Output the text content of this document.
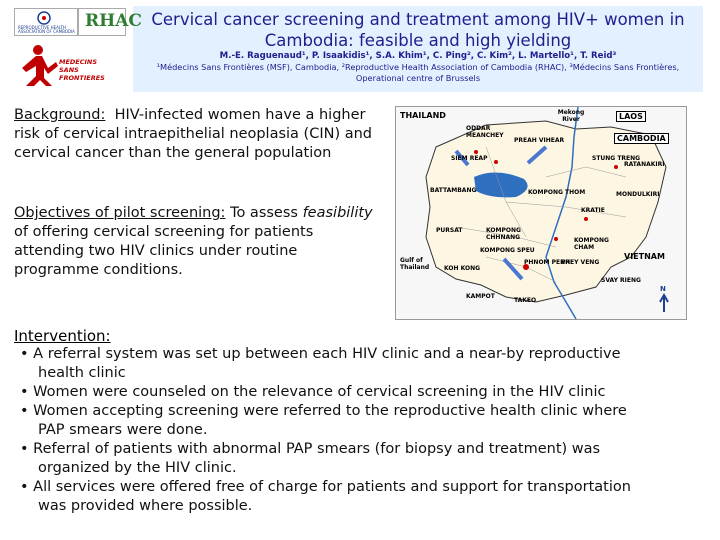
Cervical cancer screening and treatment among HIV+ women in Cambodia: feasible and high yielding
M.-E. Raguenaud¹, P. Isaakidis¹, S.A. Khim¹, C. Ping², C. Kim², L. Martello¹, T. Reid³
¹Médecins Sans Frontières (MSF), Cambodia, ²Reproductive Health Association of Cambodia (RHAC), ³Médecins Sans Frontières, Operational centre of Brussels
REPRODUCTIVE HEALTH
ASSOCIATION OF CAMBODIA
RHAC
MEDECINS
SANS FRONTIERES
Background: HIV-infected women have a higher risk of cervical intraepithelial neoplasia (CIN) and cervical cancer than the general population
Objectives of pilot screening: To assess feasibility of offering cervical screening for patients attending two HIV clinics under routine programme conditions.
THAILAND	LAOS
Mekong River
CAMBODIA
VIETNAM
Gulf of Thailand
ODDAR MEANCHEY
PREAH VIHEAR
SIEM REAP	STUNG TRENG
RATANAKIRI
BATTAMBANG	KOMPONG THOM	MONDULKIRI
PURSAT
KRATIE
KOMPONG CHHNANG	KOMPONG CHAM
KOH KONG
KOMPONG SPEU
PHNOM PENH
PREY VENG
KAMPOT
TAKEO
SVAY RIENG
N
Intervention:
• A referral system was set up between each HIV clinic and a near-by reproductive
health clinic
• Women were counseled on the relevance of cervical screening in the HIV clinic
• Women accepting screening were referred to the reproductive health clinic where
PAP smears were done.
• Referral of patients with abnormal PAP smears (for biopsy and treatment) was
organized by the HIV clinic.
• All services were offered free of charge for patients and support for transportation
was provided where possible.
